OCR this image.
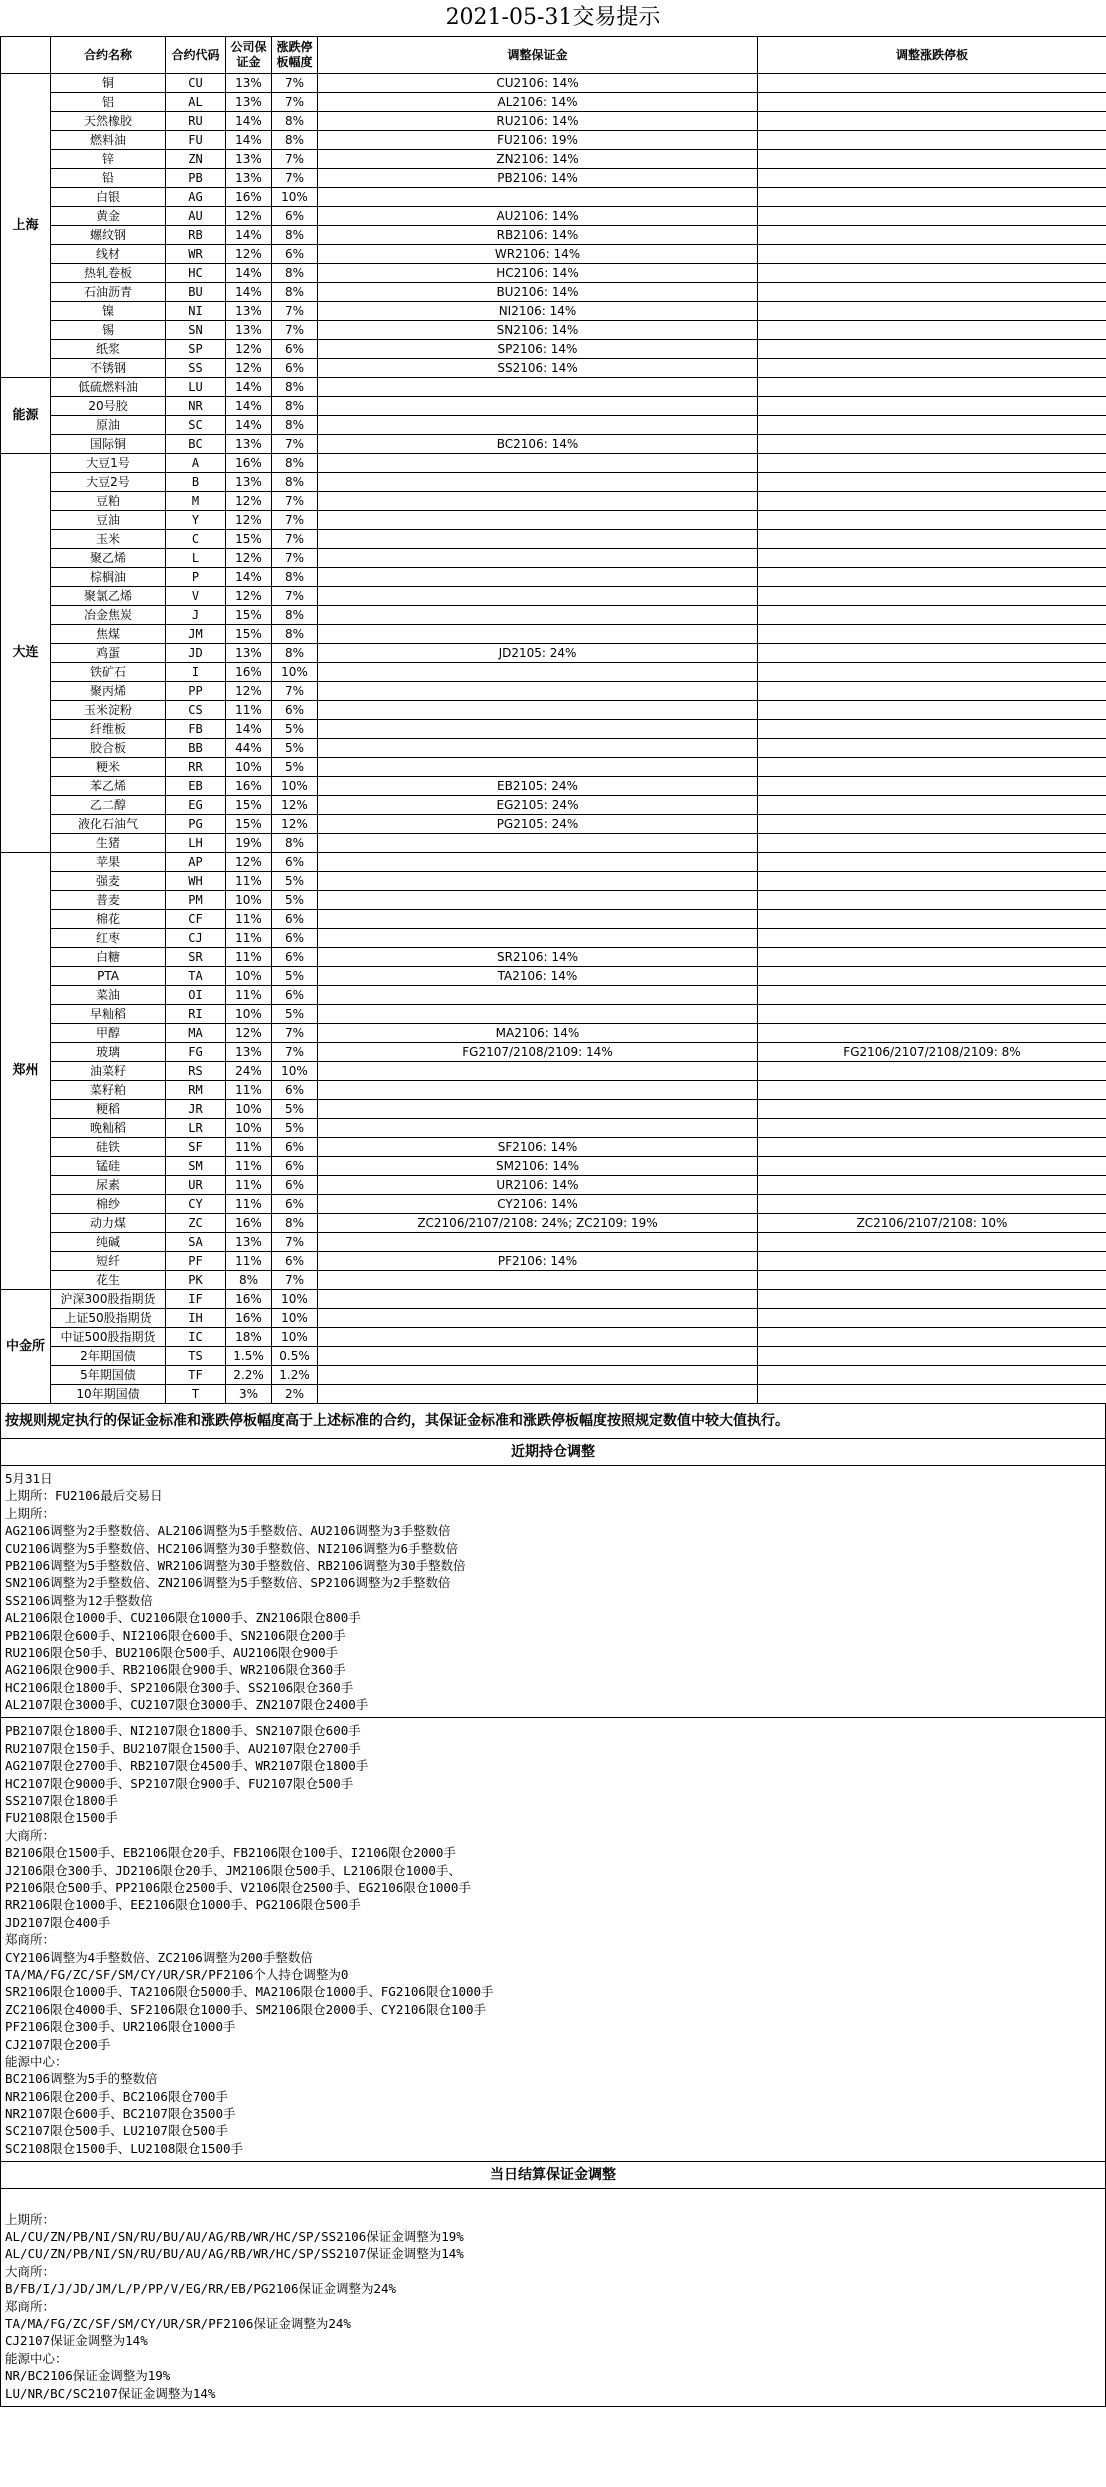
2021-05-31交易提示
	合约名称	合约代码	公司保证金	涨跌停板幅度	调整保证金	调整涨跌停板
上海	铜	CU	13%	7%	CU2106: 14%	
	铝	AL	13%	7%	AL2106: 14%	
	天然橡胶	RU	14%	8%	RU2106: 14%	
	燃料油	FU	14%	8%	FU2106: 19%	
	锌	ZN	13%	7%	ZN2106: 14%	
	铅	PB	13%	7%	PB2106: 14%	
	白银	AG	16%	10%		
	黄金	AU	12%	6%	AU2106: 14%	
	螺纹钢	RB	14%	8%	RB2106: 14%	
	线材	WR	12%	6%	WR2106: 14%	
	热轧卷板	HC	14%	8%	HC2106: 14%	
	石油沥青	BU	14%	8%	BU2106: 14%	
	镍	NI	13%	7%	NI2106: 14%	
	锡	SN	13%	7%	SN2106: 14%	
	纸浆	SP	12%	6%	SP2106: 14%	
	不锈钢	SS	12%	6%	SS2106: 14%	
能源	低硫燃料油	LU	14%	8%		
	20号胶	NR	14%	8%		
	原油	SC	14%	8%		
	国际铜	BC	13%	7%	BC2106: 14%	
大连	大豆1号	A	16%	8%		
	大豆2号	B	13%	8%		
	豆粕	M	12%	7%		
	豆油	Y	12%	7%		
	玉米	C	15%	7%		
	聚乙烯	L	12%	7%		
	棕榈油	P	14%	8%		
	聚氯乙烯	V	12%	7%		
	冶金焦炭	J	15%	8%		
	焦煤	JM	15%	8%		
	鸡蛋	JD	13%	8%	JD2105: 24%	
	铁矿石	I	16%	10%		
	聚丙烯	PP	12%	7%		
	玉米淀粉	CS	11%	6%		
	纤维板	FB	14%	5%		
	胶合板	BB	44%	5%		
	粳米	RR	10%	5%		
	苯乙烯	EB	16%	10%	EB2105: 24%	
	乙二醇	EG	15%	12%	EG2105: 24%	
	液化石油气	PG	15%	12%	PG2105: 24%	
	生猪	LH	19%	8%		
郑州	苹果	AP	12%	6%		
	强麦	WH	11%	5%		
	普麦	PM	10%	5%		
	棉花	CF	11%	6%		
	红枣	CJ	11%	6%		
	白糖	SR	11%	6%	SR2106: 14%	
	PTA	TA	10%	5%	TA2106: 14%	
	菜油	OI	11%	6%		
	早籼稻	RI	10%	5%		
	甲醇	MA	12%	7%	MA2106: 14%	
	玻璃	FG	13%	7%	FG2107/2108/2109: 14%	FG2106/2107/2108/2109: 8%
	油菜籽	RS	24%	10%		
	菜籽粕	RM	11%	6%		
	粳稻	JR	10%	5%		
	晚籼稻	LR	10%	5%		
	硅铁	SF	11%	6%	SF2106: 14%	
	锰硅	SM	11%	6%	SM2106: 14%	
	尿素	UR	11%	6%	UR2106: 14%	
	棉纱	CY	11%	6%	CY2106: 14%	
	动力煤	ZC	16%	8%	ZC2106/2107/2108: 24%; ZC2109: 19%	ZC2106/2107/2108: 10%
	纯碱	SA	13%	7%		
	短纤	PF	11%	6%	PF2106: 14%	
	花生	PK	8%	7%		
中金所	沪深300股指期货	IF	16%	10%		
	上证50股指期货	IH	16%	10%		
	中证500股指期货	IC	18%	10%		
	2年期国债	TS	1.5%	0.5%		
	5年期国债	TF	2.2%	1.2%		
	10年期国债	T	3%	2%		
按规则规定执行的保证金标准和涨跌停板幅度高于上述标准的合约，其保证金标准和涨跌停板幅度按照规定数值中较大值执行。
近期持仓调整
5月31日
上期所：FU2106最后交易日
上期所：
AG2106调整为2手整数倍、AL2106调整为5手整数倍、AU2106调整为3手整数倍
CU2106调整为5手整数倍、HC2106调整为30手整数倍、NI2106调整为6手整数倍
PB2106调整为5手整数倍、WR2106调整为30手整数倍、RB2106调整为30手整数倍
SN2106调整为2手整数倍、ZN2106调整为5手整数倍、SP2106调整为2手整数倍
SS2106调整为12手整数倍
AL2106限仓1000手、CU2106限仓1000手、ZN2106限仓800手
PB2106限仓600手、NI2106限仓600手、SN2106限仓200手
RU2106限仓50手、BU2106限仓500手、AU2106限仓900手
AG2106限仓900手、RB2106限仓900手、WR2106限仓360手
HC2106限仓1800手、SP2106限仓300手、SS2106限仓360手
AL2107限仓3000手、CU2107限仓3000手、ZN2107限仓2400手
PB2107限仓1800手、NI2107限仓1800手、SN2107限仓600手
RU2107限仓150手、BU2107限仓1500手、AU2107限仓2700手
AG2107限仓2700手、RB2107限仓4500手、WR2107限仓1800手
HC2107限仓9000手、SP2107限仓900手、FU2107限仓500手
SS2107限仓1800手
FU2108限仓1500手
大商所：
B2106限仓1500手、EB2106限仓20手、FB2106限仓100手、I2106限仓2000手
J2106限仓300手、JD2106限仓20手、JM2106限仓500手、L2106限仓1000手、
P2106限仓500手、PP2106限仓2500手、V2106限仓2500手、EG2106限仓1000手
RR2106限仓1000手、EE2106限仓1000手、PG2106限仓500手
JD2107限仓400手
郑商所：
CY2106调整为4手整数倍、ZC2106调整为200手整数倍
TA/MA/FG/ZC/SF/SM/CY/UR/SR/PF2106个人持仓调整为0
SR2106限仓1000手、TA2106限仓5000手、MA2106限仓1000手、FG2106限仓1000手
ZC2106限仓4000手、SF2106限仓1000手、SM2106限仓2000手、CY2106限仓100手
PF2106限仓300手、UR2106限仓1000手
CJ2107限仓200手
能源中心：
BC2106调整为5手的整数倍
NR2106限仓200手、BC2106限仓700手
NR2107限仓600手、BC2107限仓3500手
SC2107限仓500手、LU2107限仓500手
SC2108限仓1500手、LU2108限仓1500手
当日结算保证金调整
上期所：
AL/CU/ZN/PB/NI/SN/RU/BU/AU/AG/RB/WR/HC/SP/SS2106保证金调整为19%
AL/CU/ZN/PB/NI/SN/RU/BU/AU/AG/RB/WR/HC/SP/SS2107保证金调整为14%
大商所：
B/FB/I/J/JD/JM/L/P/PP/V/EG/RR/EB/PG2106保证金调整为24%
郑商所：
TA/MA/FG/ZC/SF/SM/CY/UR/SR/PF2106保证金调整为24%
CJ2107保证金调整为14%
能源中心：
NR/BC2106保证金调整为19%
LU/NR/BC/SC2107保证金调整为14%
